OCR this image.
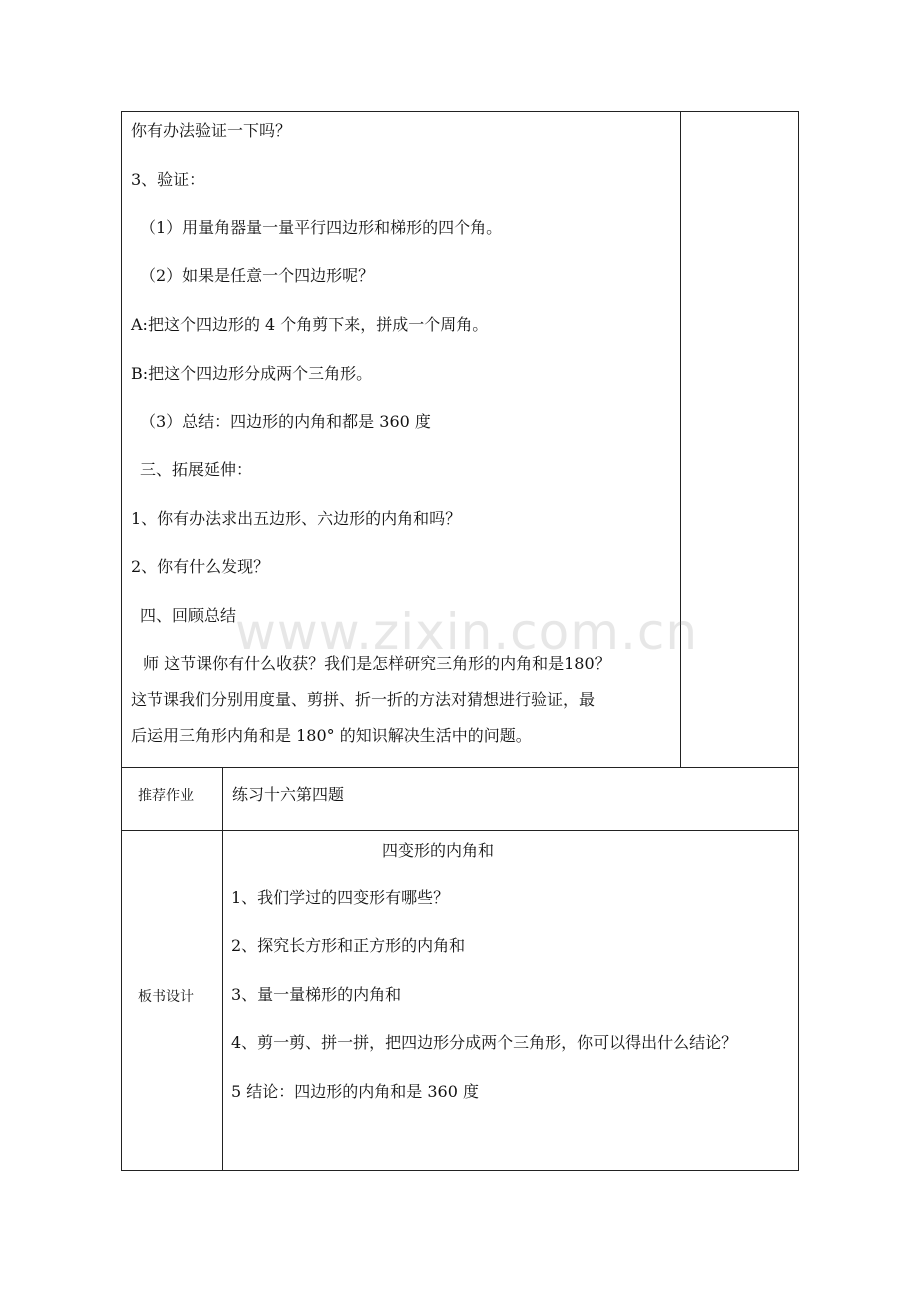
你有办法验证一下吗？
3、验证：
（1）用量角器量一量平行四边形和梯形的四个角。
（2）如果是任意一个四边形呢？
A:把这个四边形的 4 个角剪下来，拼成一个周角。
B:把这个四边形分成两个三角形。
（3）总结：四边形的内角和都是 360 度
三、拓展延伸：
1、你有办法求出五边形、六边形的内角和吗？
2、你有什么发现？
四、回顾总结
师 这节课你有什么收获？我们是怎样研究三角形的内角和是180？
这节课我们分别用度量、剪拼、折一折的方法对猜想进行验证，最
后运用三角形内角和是 180° 的知识解决生活中的问题。
推荐作业 练习十六第四题
板书设计
四变形的内角和
1、我们学过的四变形有哪些？
2、探究长方形和正方形的内角和
3、量一量梯形的内角和
4、剪一剪、拼一拼，把四边形分成两个三角形，你可以得出什么结论？
5 结论：四边形的内角和是 360 度
www.zixin.com.cn
